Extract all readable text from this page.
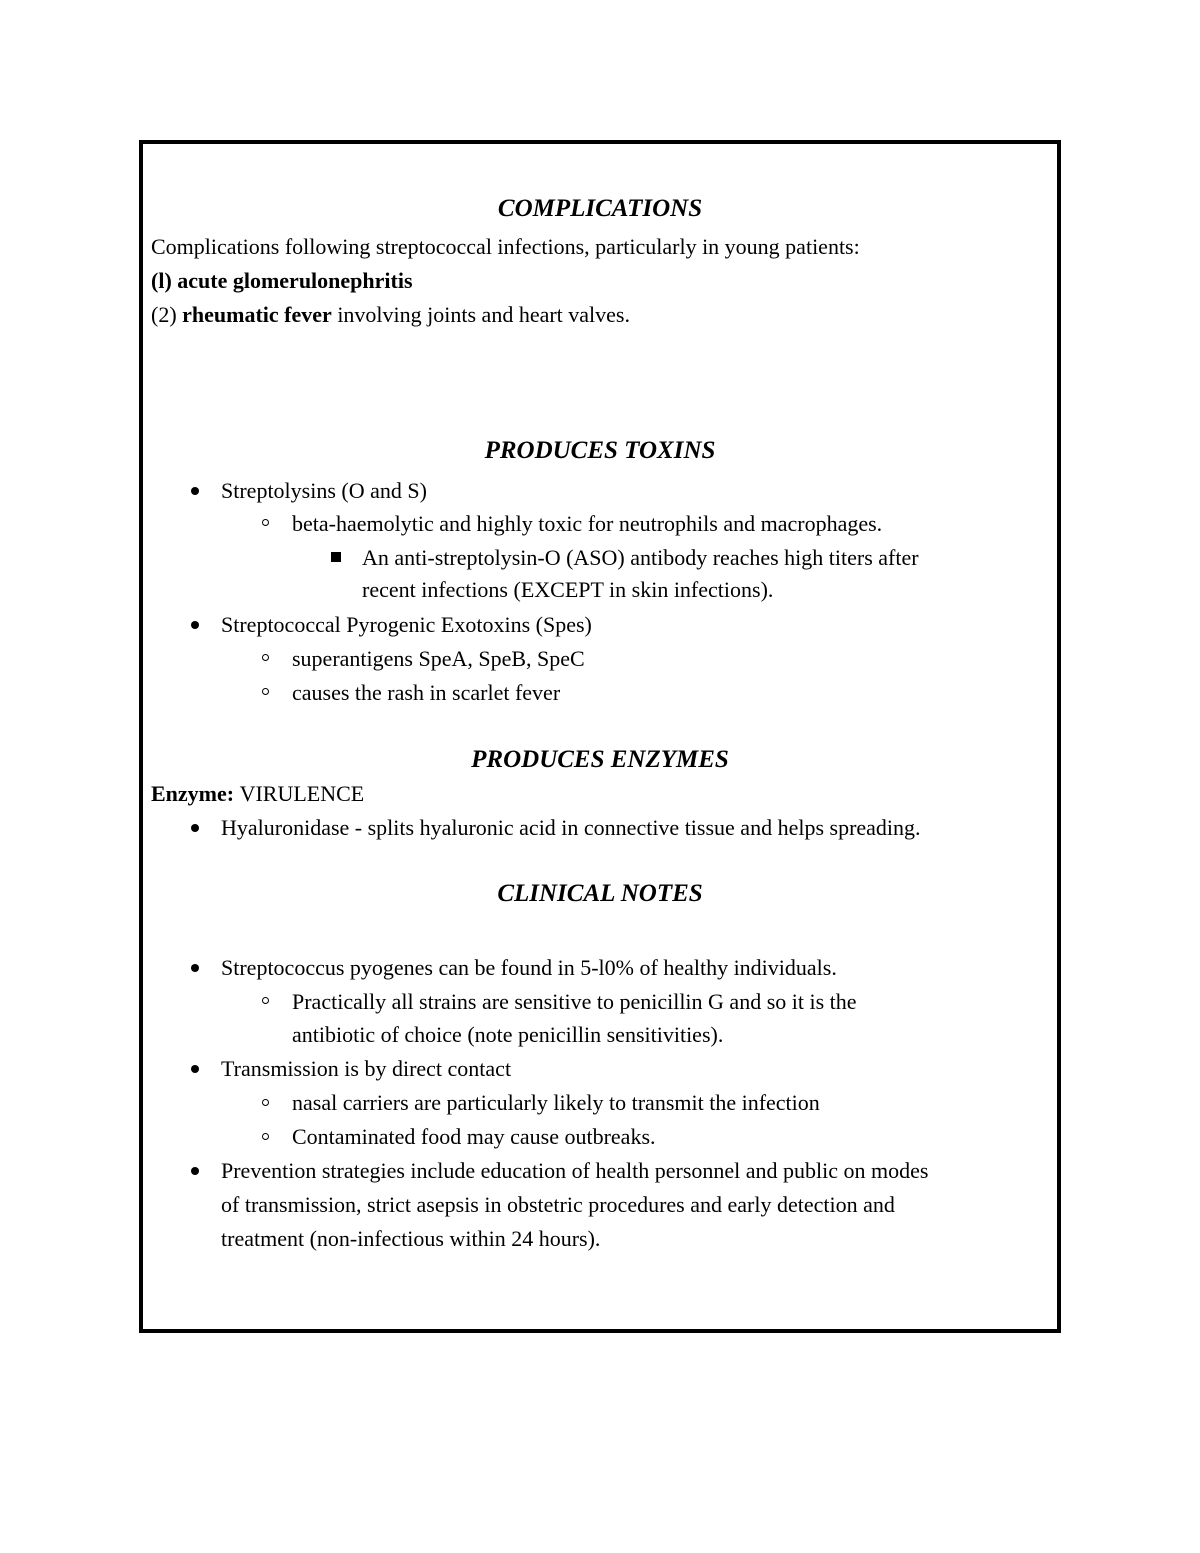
COMPLICATIONS
Complications following streptococcal infections, particularly in young patients:
(l) acute glomerulonephritis
(2) rheumatic fever involving joints and heart valves.
PRODUCES TOXINS
Streptolysins (O and S)
beta-haemolytic and highly toxic for neutrophils and macrophages.
An anti-streptolysin-O (ASO) antibody reaches high titers after
recent infections (EXCEPT in skin infections).
Streptococcal Pyrogenic Exotoxins (Spes)
superantigens SpeA, SpeB, SpeC
causes the rash in scarlet fever
PRODUCES ENZYMES
Enzyme: VIRULENCE
Hyaluronidase - splits hyaluronic acid in connective tissue and helps spreading.
CLINICAL NOTES
Streptococcus pyogenes can be found in 5-l0% of healthy individuals.
Practically all strains are sensitive to penicillin G and so it is the
antibiotic of choice (note penicillin sensitivities).
Transmission is by direct contact
nasal carriers are particularly likely to transmit the infection
Contaminated food may cause outbreaks.
Prevention strategies include education of health personnel and public on modes
of transmission, strict asepsis in obstetric procedures and early detection and
treatment (non-infectious within 24 hours).
